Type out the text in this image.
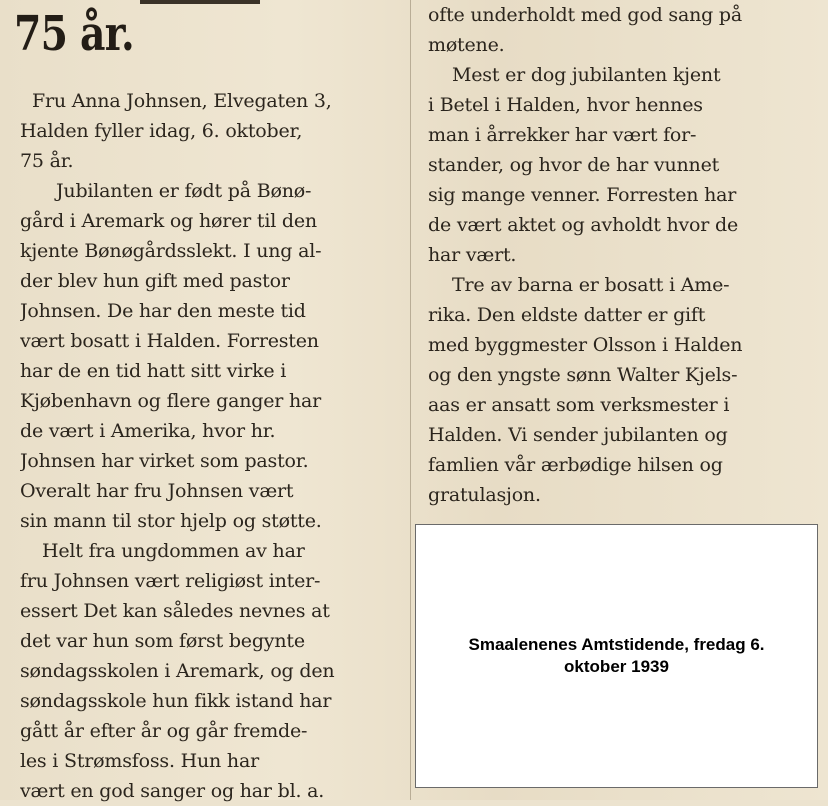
75 år.
Fru Anna Johnsen, Elvegaten 3,
Halden fyller idag, 6. oktober,
75 år.
Jubilanten er født på Bønø-
gård i Aremark og hører til den
kjente Bønøgårdsslekt. I ung al-
der blev hun gift med pastor
Johnsen. De har den meste tid
vært bosatt i Halden. Forresten
har de en tid hatt sitt virke i
Kjøbenhavn og flere ganger har
de vært i Amerika, hvor hr.
Johnsen har virket som pastor.
Overalt har fru Johnsen vært
sin mann til stor hjelp og støtte.
Helt fra ungdommen av har
fru Johnsen vært religiøst inter-
essert Det kan således nevnes at
det var hun som først begynte
søndagsskolen i Aremark, og den
søndagsskole hun fikk istand har
gått år efter år og går fremde-
les i Strømsfoss. Hun har
vært en god sanger og har bl. a.
ofte underholdt med god sang på
møtene.
Mest er dog jubilanten kjent
i Betel i Halden, hvor hennes
man i årrekker har vært for-
stander, og hvor de har vunnet
sig mange venner. Forresten har
de vært aktet og avholdt hvor de
har vært.
Tre av barna er bosatt i Ame-
rika. Den eldste datter er gift
med byggmester Olsson i Halden
og den yngste sønn Walter Kjels-
aas er ansatt som verksmester i
Halden. Vi sender jubilanten og
famlien vår ærbødige hilsen og
gratulasjon.
Smaalenenes Amtstidende, fredag 6. oktober 1939
